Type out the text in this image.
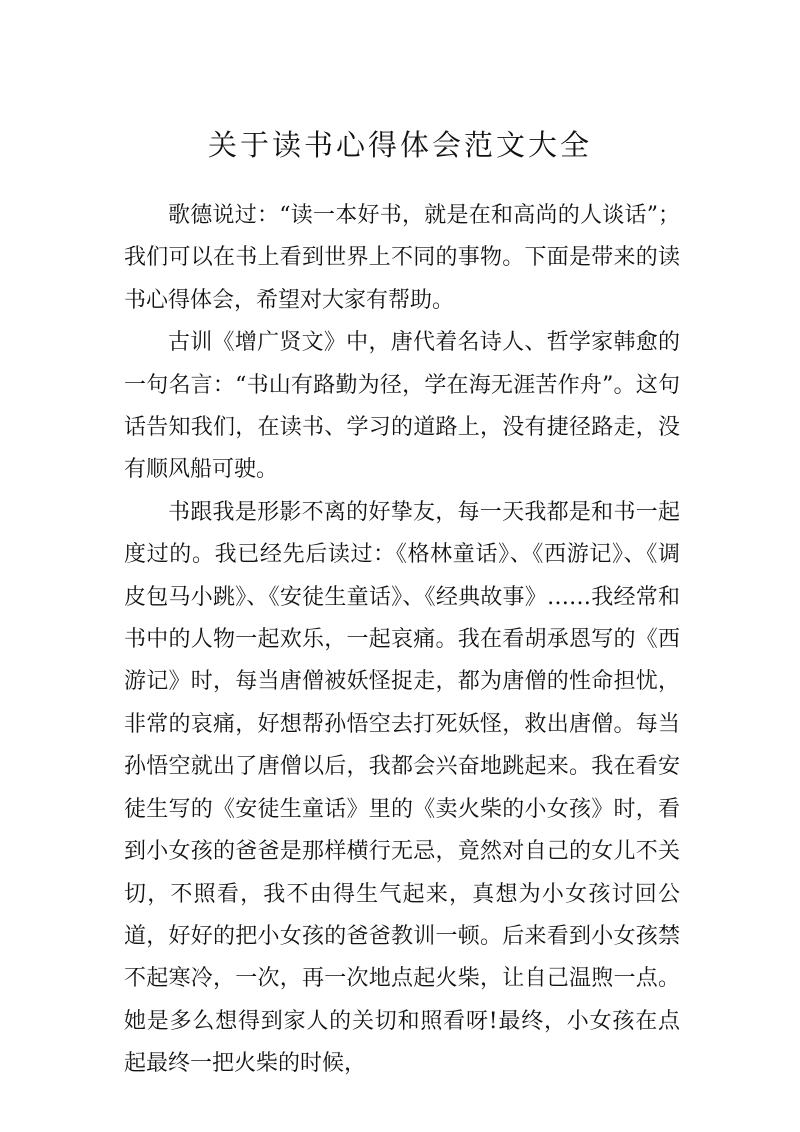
关于读书心得体会范文大全

歌德说过：“读一本好书，就是在和高尚的人谈话”；我们可以在书上看到世界上不同的事物。下面是带来的读书心得体会，希望对大家有帮助。

古训《增广贤文》中，唐代着名诗人、哲学家韩愈的一句名言：“书山有路勤为径，学在海无涯苦作舟”。这句话告知我们，在读书、学习的道路上，没有捷径路走，没有顺风船可驶。

书跟我是形影不离的好挚友，每一天我都是和书一起度过的。我已经先后读过：《格林童话》、《西游记》、《调皮包马小跳》、《安徒生童话》、《经典故事》……我经常和书中的人物一起欢乐，一起哀痛。我在看胡承恩写的《西游记》时，每当唐僧被妖怪捉走，都为唐僧的性命担忧，非常的哀痛，好想帮孙悟空去打死妖怪，救出唐僧。每当孙悟空就出了唐僧以后，我都会兴奋地跳起来。我在看安徒生写的《安徒生童话》里的《卖火柴的小女孩》时，看到小女孩的爸爸是那样横行无忌，竟然对自己的女儿不关切，不照看，我不由得生气起来，真想为小女孩讨回公道，好好的把小女孩的爸爸教训一顿。后来看到小女孩禁不起寒冷，一次，再一次地点起火柴，让自己温煦一点。她是多么想得到家人的关切和照看呀!最终，小女孩在点起最终一把火柴的时候，
